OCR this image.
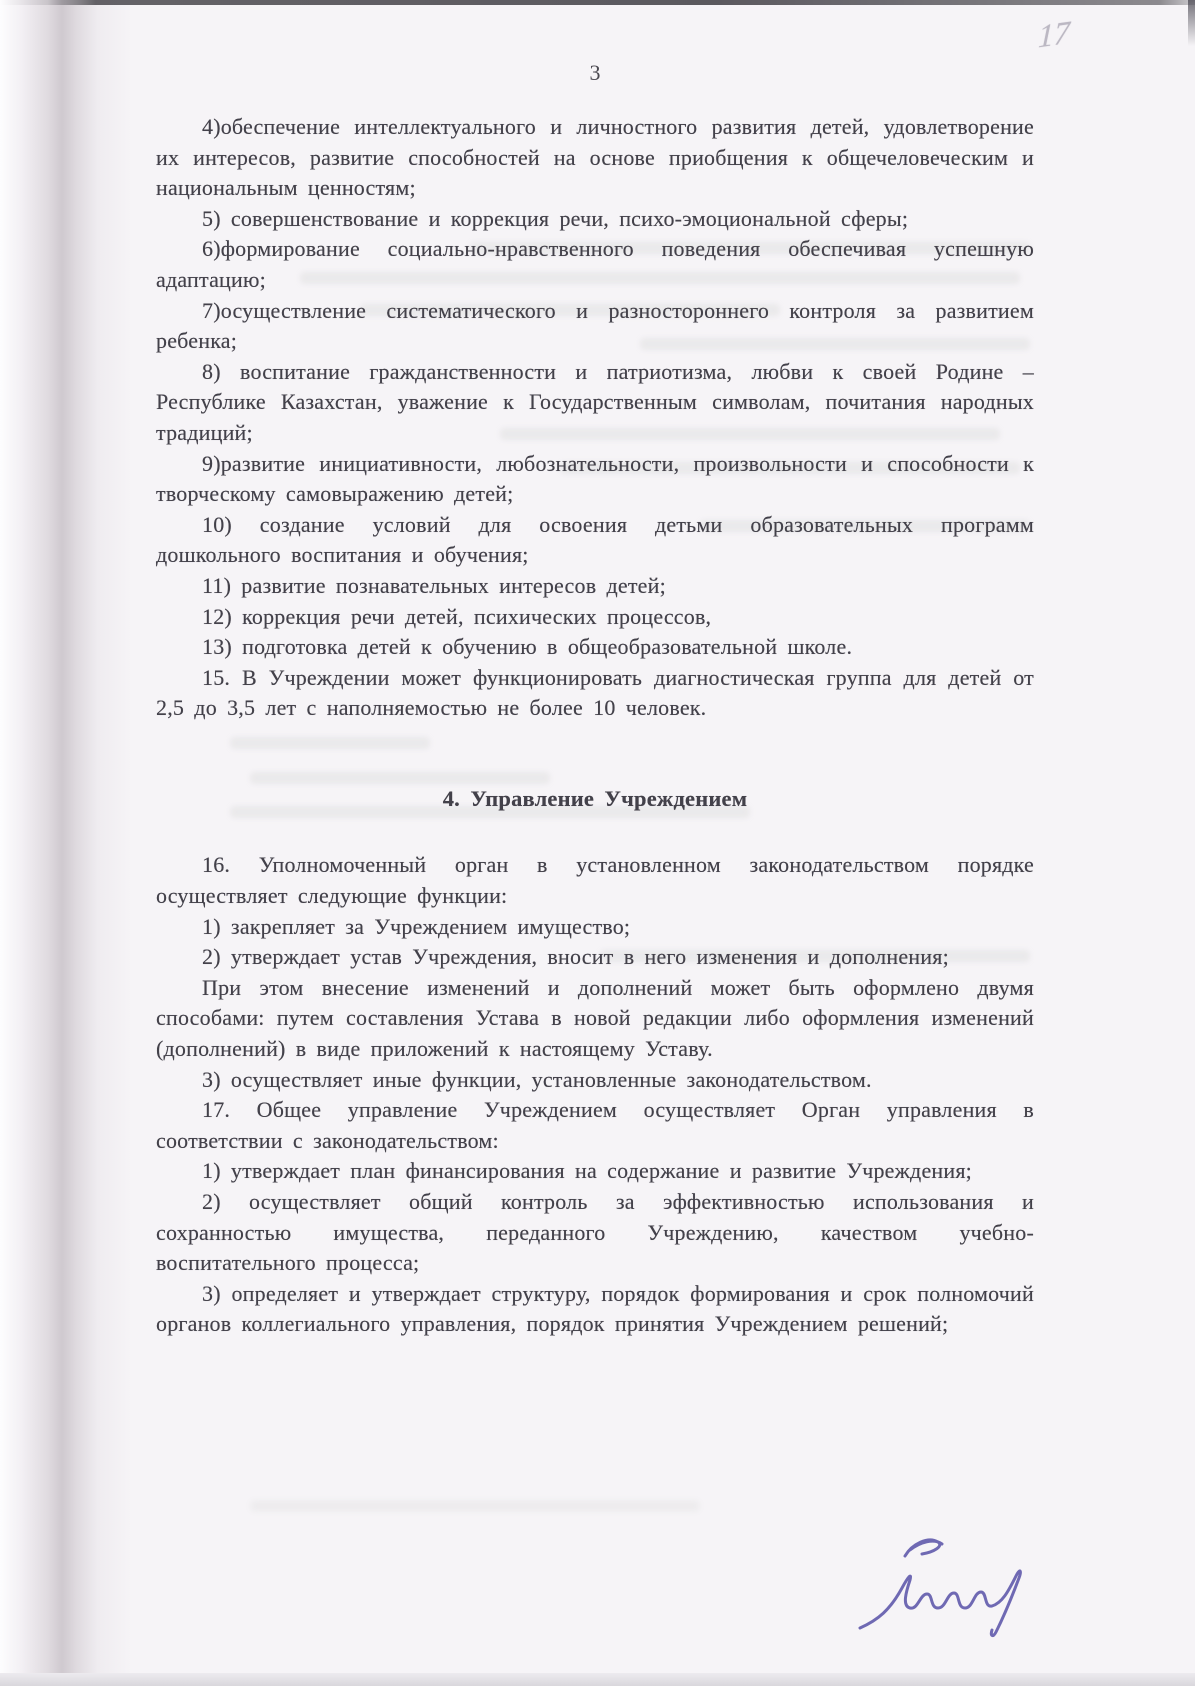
3
17

4)обеспечение интеллектуального и личностного развития детей, удовлетворение их интересов, развитие способностей на основе приобщения к общечеловеческим и национальным ценностям;

5) совершенствование и коррекция речи, психо-эмоциональной сферы;

6)формирование социально-нравственного поведения обеспечивая успешную адаптацию;

7)осуществление систематического и разностороннего контроля за развитием ребенка;

8) воспитание гражданственности и патриотизма, любви к своей Родине – Республике Казахстан, уважение к Государственным символам, почитания народных традиций;

9)развитие инициативности, любознательности, произвольности и способности к творческому самовыражению детей;

10) создание условий для освоения детьми образовательных программ дошкольного воспитания и обучения;

11) развитие познавательных интересов детей;

12) коррекция речи детей, психических процессов,

13) подготовка детей к обучению в общеобразовательной школе.

15. В Учреждении может функционировать диагностическая группа для детей от 2,5 до 3,5 лет с наполняемостью не более 10 человек.

4. Управление Учреждением

16. Уполномоченный орган в установленном законодательством порядке осуществляет следующие функции:

1) закрепляет за Учреждением имущество;

2) утверждает устав Учреждения, вносит в него изменения и дополнения;

При этом внесение изменений и дополнений может быть оформлено двумя способами: путем составления Устава в новой редакции либо оформления изменений (дополнений) в виде приложений к настоящему Уставу.

3) осуществляет иные функции, установленные законодательством.

17. Общее управление Учреждением осуществляет Орган управления в соответствии с законодательством:

1) утверждает план финансирования на содержание и развитие Учреждения;

2) осуществляет общий контроль за эффективностью использования и сохранностью имущества, переданного Учреждению, качеством учебно-воспитательного процесса;

3) определяет и утверждает структуру, порядок формирования и срок полномочий органов коллегиального управления, порядок принятия Учреждением решений;
